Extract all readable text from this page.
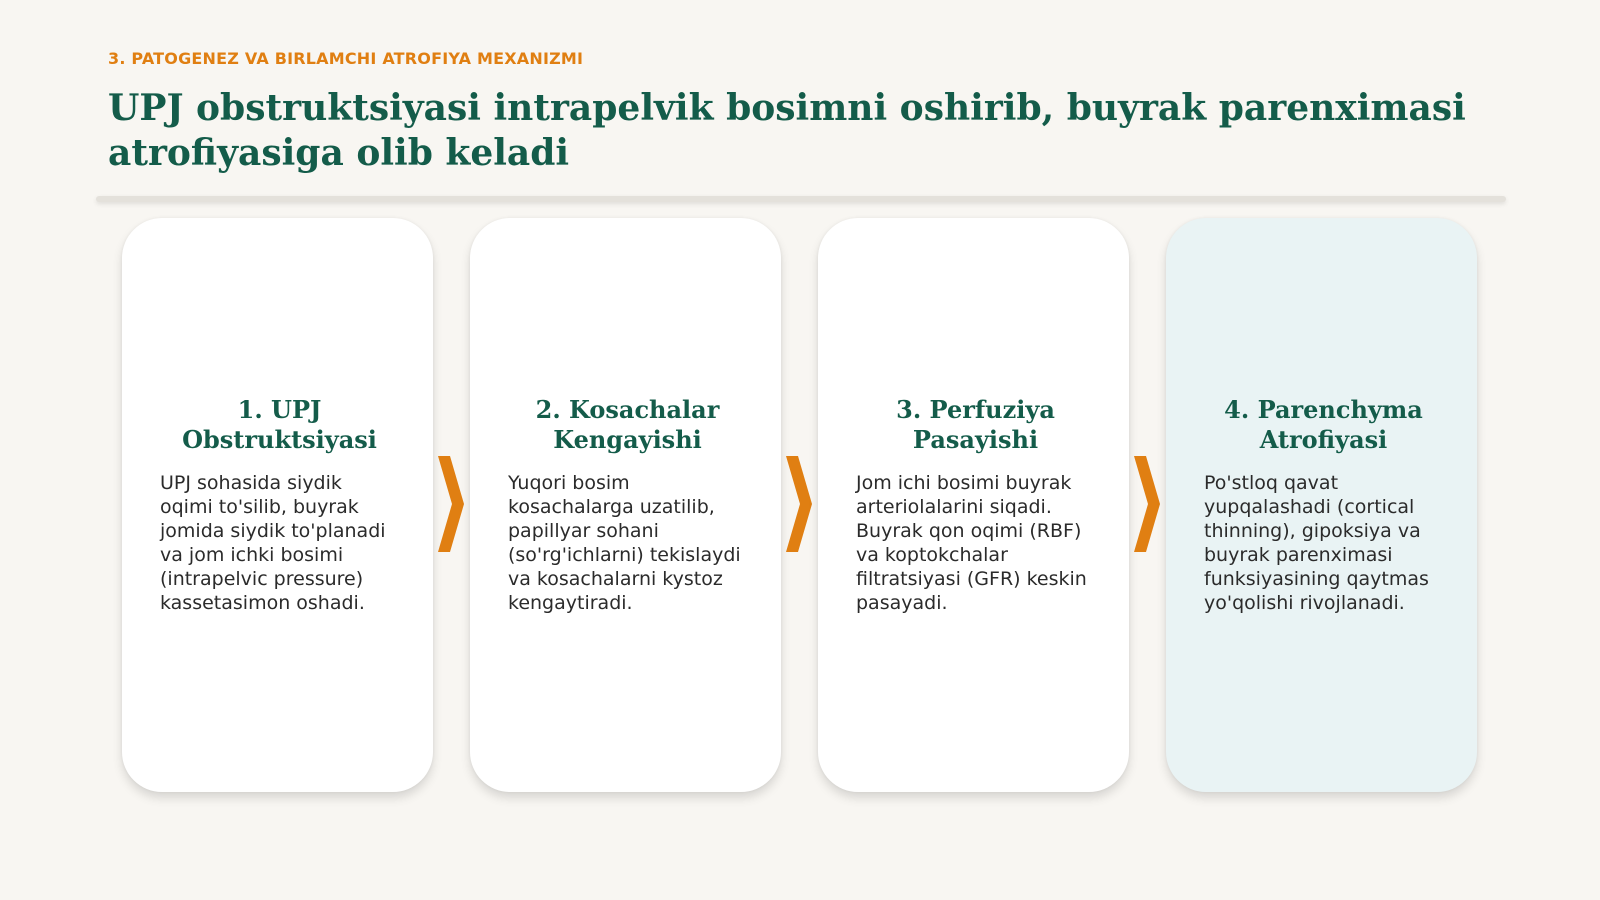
3. PATOGENEZ VA BIRLAMCHI ATROFIYA MEXANIZMI
UPJ obstruktsiyasi intrapelvik bosimni oshirib, buyrak parenximasi atrofiyasiga olib keladi
1. UPJ Obstruktsiyasi

UPJ sohasida siydik oqimi to'silib, buyrak jomida siydik to'planadi va jom ichki bosimi (intrapelvic pressure) kassetasimon oshadi.

2. Kosachalar Kengayishi

Yuqori bosim kosachalarga uzatilib, papillyar sohani (so'rg'ichlarni) tekislaydi va kosachalarni kystoz kengaytiradi.

3. Perfuziya Pasayishi

Jom ichi bosimi buyrak arteriolalarini siqadi. Buyrak qon oqimi (RBF) va koptokchalar filtratsiyasi (GFR) keskin pasayadi.

4. Parenchyma Atrofiyasi

Po'stloq qavat yupqalashadi (cortical thinning), gipoksiya va buyrak parenximasi funksiyasining qaytmas yo'qolishi rivojlanadi.
